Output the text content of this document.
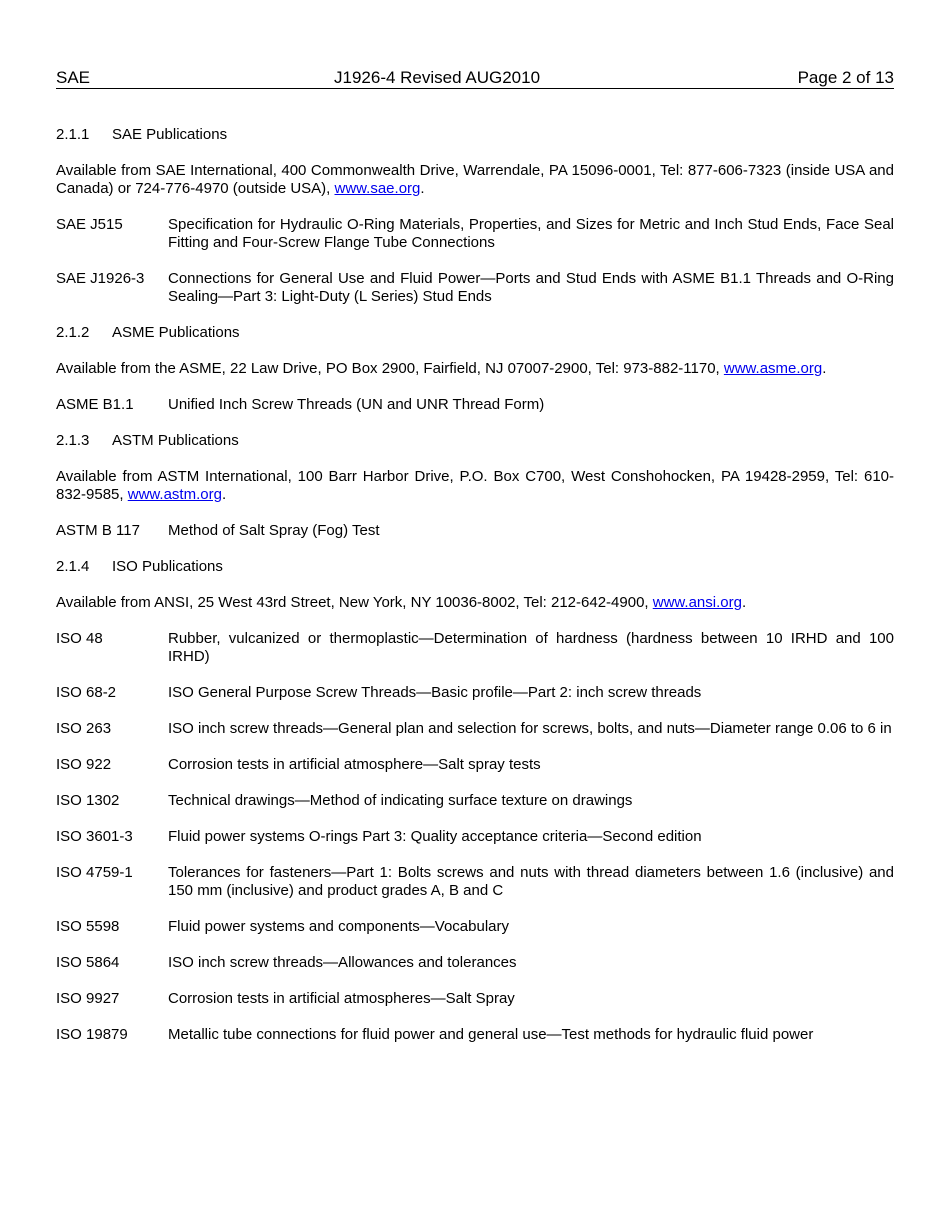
SAE	J1926-4 Revised AUG2010	Page 2 of 13
2.1.1	SAE Publications

Available from SAE International, 400 Commonwealth Drive, Warrendale, PA 15096-0001, Tel: 877-606-7323 (inside USA and Canada) or 724-776-4970 (outside USA), www.sae.org.

SAE J515	Specification for Hydraulic O-Ring Materials, Properties, and Sizes for Metric and Inch Stud Ends, Face Seal Fitting and Four-Screw Flange Tube Connections
SAE J1926-3	Connections for General Use and Fluid Power—Ports and Stud Ends with ASME B1.1 Threads and O-Ring Sealing—Part 3: Light-Duty (L Series) Stud Ends
2.1.2	ASME Publications

Available from the ASME, 22 Law Drive, PO Box 2900, Fairfield, NJ 07007-2900, Tel: 973-882-1170, www.asme.org.

ASME B1.1	Unified Inch Screw Threads (UN and UNR Thread Form)
2.1.3	ASTM Publications

Available from ASTM International, 100 Barr Harbor Drive, P.O. Box C700, West Conshohocken, PA 19428-2959, Tel: 610-832-9585, www.astm.org.

ASTM B 117	Method of Salt Spray (Fog) Test
2.1.4	ISO Publications

Available from ANSI, 25 West 43rd Street, New York, NY 10036-8002, Tel: 212-642-4900, www.ansi.org.

ISO 48	Rubber, vulcanized or thermoplastic—Determination of hardness (hardness between 10 IRHD and 100 IRHD)
ISO 68-2	ISO General Purpose Screw Threads—Basic profile—Part 2: inch screw threads
ISO 263	ISO inch screw threads—General plan and selection for screws, bolts, and nuts—Diameter range 0.06 to 6 in
ISO 922	Corrosion tests in artificial atmosphere—Salt spray tests
ISO 1302	Technical drawings—Method of indicating surface texture on drawings
ISO 3601-3	Fluid power systems O-rings Part 3: Quality acceptance criteria—Second edition
ISO 4759-1	Tolerances for fasteners—Part 1: Bolts screws and nuts with thread diameters between 1.6 (inclusive) and 150 mm (inclusive) and product grades A, B and C
ISO 5598	Fluid power systems and components—Vocabulary
ISO 5864	ISO inch screw threads—Allowances and tolerances
ISO 9927	Corrosion tests in artificial atmospheres—Salt Spray
ISO 19879	Metallic tube connections for fluid power and general use—Test methods for hydraulic fluid power
